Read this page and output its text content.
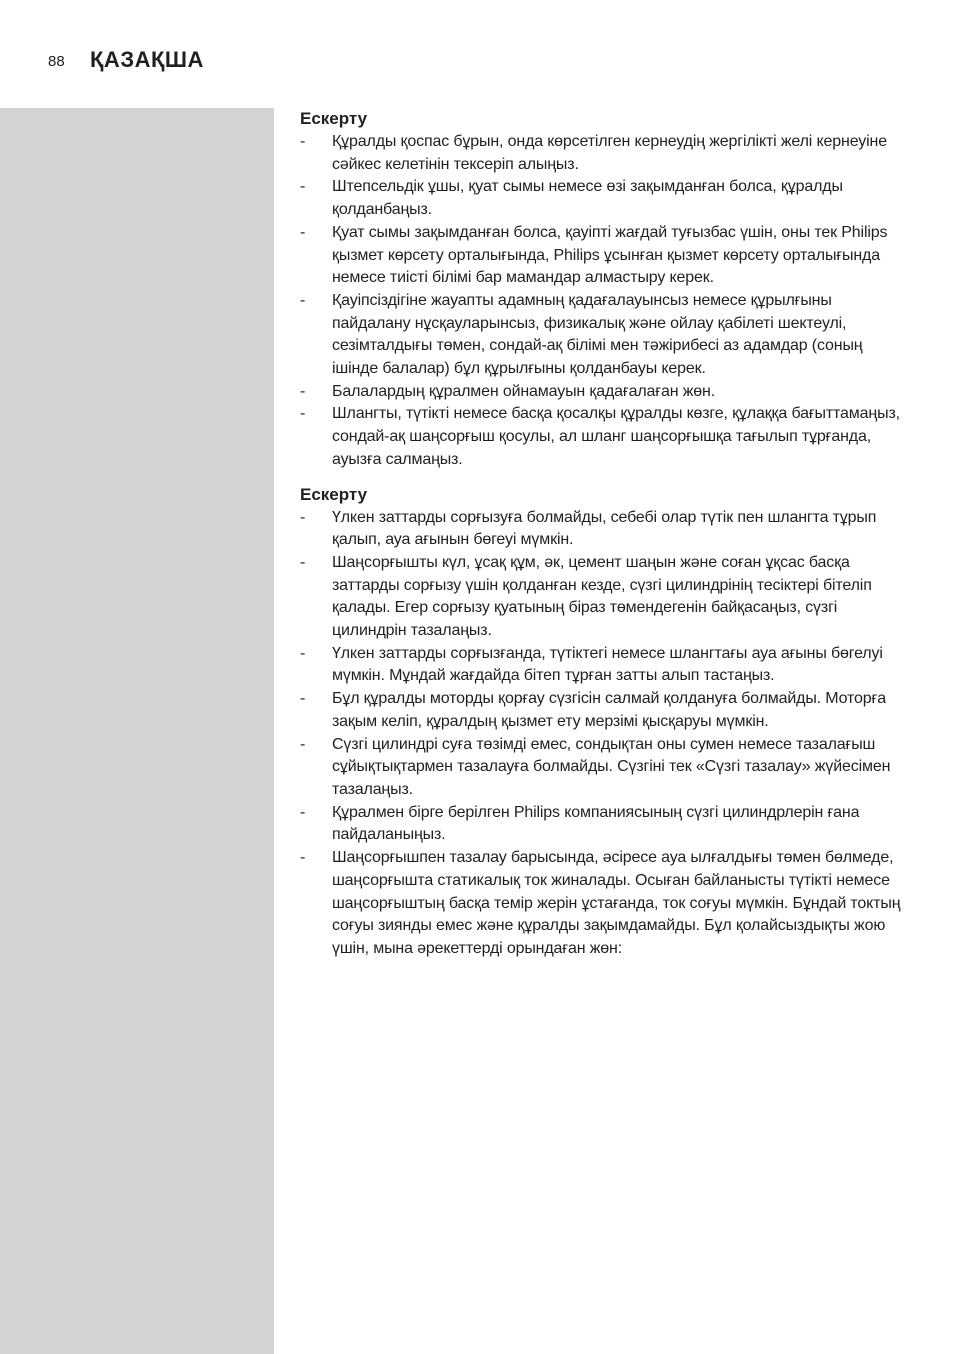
88 ҚАЗАҚША
Ескерту
- Құралды қоспас бұрын, онда көрсетілген кернеудің жергілікті желі кернеуіне сәйкес келетінін тексеріп алыңыз.
- Штепсельдік ұшы, қуат сымы немесе өзі зақымданған болса, құралды қолданбаңыз.
- Қуат сымы зақымданған болса, қауіпті жағдай туғызбас үшін, оны тек Philips қызмет көрсету орталығында, Philips ұсынған қызмет көрсету орталығында немесе тиісті білімі бар мамандар алмастыру керек.
- Қауіпсіздігіне жауапты адамның қадағалауынсыз немесе құрылғыны пайдалану нұсқауларынсыз, физикалық және ойлау қабілеті шектеулі, сезімталдығы төмен, сондай-ақ білімі мен тәжірибесі аз адамдар (соның ішінде балалар) бұл құрылғыны қолданбауы керек.
- Балалардың құралмен ойнамауын қадағалаған жөн.
- Шлангты, түтікті немесе басқа қосалқы құралды көзге, құлаққа бағыттамаңыз, сондай-ақ шаңсорғыш қосулы, ал шланг шаңсорғышқа тағылып тұрғанда, ауызға салмаңыз.
Ескерту
- Үлкен заттарды сорғызуға болмайды, себебі олар түтік пен шлангта тұрып қалып, ауа ағынын бөгеуі мүмкін.
- Шаңсорғышты күл, ұсақ құм, әк, цемент шаңын және соған ұқсас басқа заттарды сорғызу үшін қолданған кезде, сүзгі цилиндрінің тесіктері бітеліп қалады. Егер сорғызу қуатының біраз төмендегенін байқасаңыз, сүзгі цилиндрін тазалаңыз.
- Үлкен заттарды сорғызғанда, түтіктегі немесе шлангтағы ауа ағыны бөгелуі мүмкін. Мұндай жағдайда бітеп тұрған затты алып тастаңыз.
- Бұл құралды моторды қорғау сүзгісін салмай қолдануға болмайды. Моторға зақым келіп, құралдың қызмет ету мерзімі қысқаруы мүмкін.
- Сүзгі цилиндрі суға төзімді емес, сондықтан оны сумен немесе тазалағыш сұйықтықтармен тазалауға болмайды. Сүзгіні тек «Сүзгі тазалау» жүйесімен тазалаңыз.
- Құралмен бірге берілген Philips компаниясының сүзгі цилиндрлерін ғана пайдаланыңыз.
- Шаңсорғышпен тазалау барысында, әсіресе ауа ылғалдығы төмен бөлмеде, шаңсорғышта статикалық ток жиналады. Осыған байланысты түтікті немесе шаңсорғыштың басқа темір жерін ұстағанда, ток соғуы мүмкін. Бұндай токтың соғуы зиянды емес және құралды зақымдамайды. Бұл қолайсыздықты жою үшін, мына әрекеттерді орындаған жөн:
